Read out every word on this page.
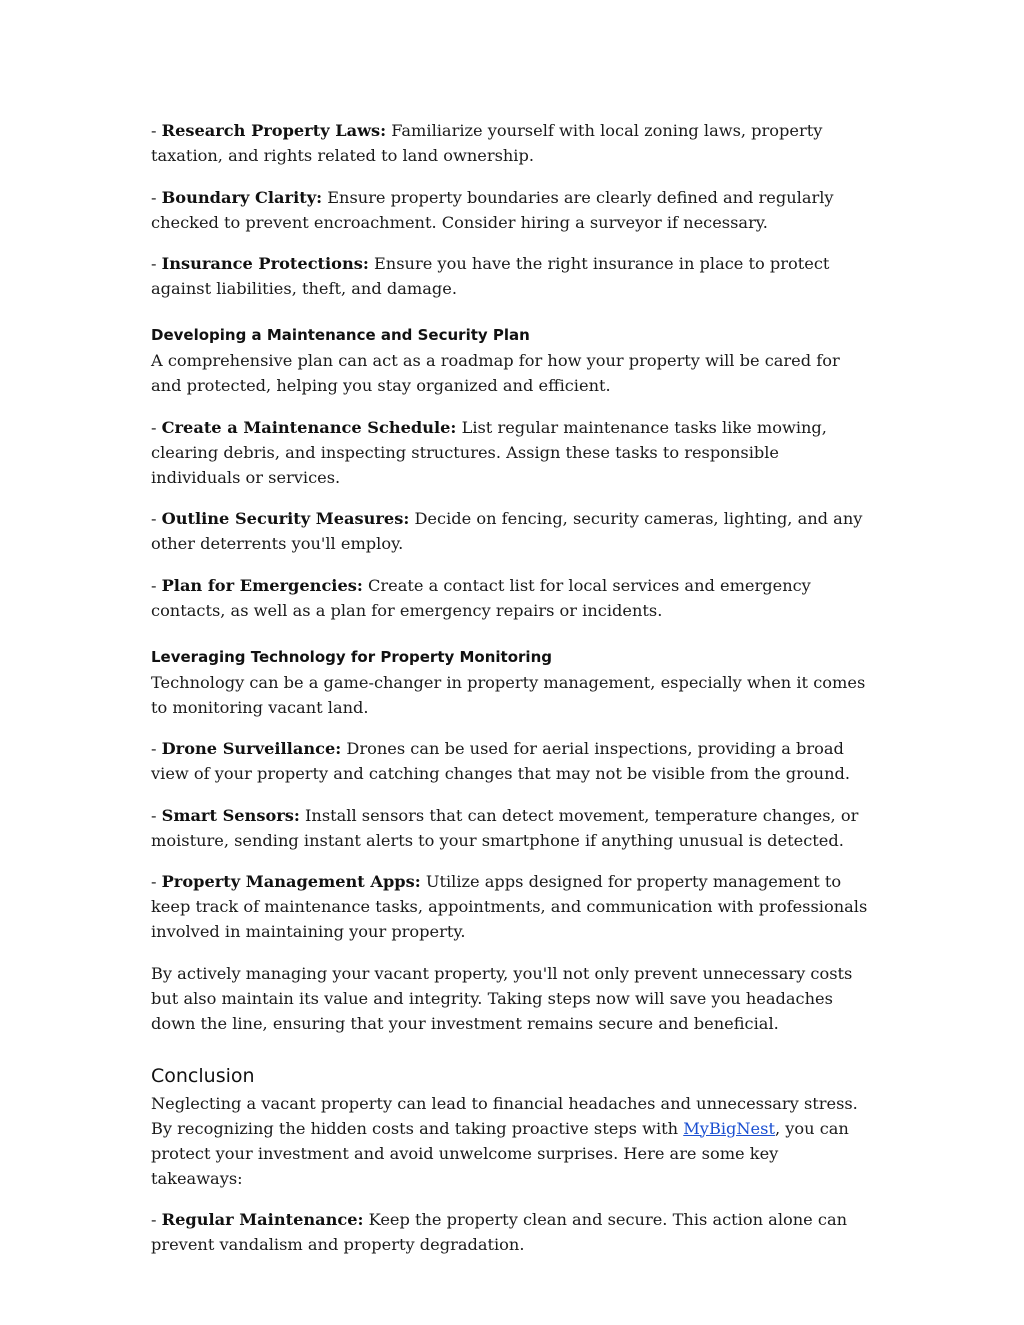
- Research Property Laws: Familiarize yourself with local zoning laws, property taxation, and rights related to land ownership.

- Boundary Clarity: Ensure property boundaries are clearly defined and regularly checked to prevent encroachment. Consider hiring a surveyor if necessary.

- Insurance Protections: Ensure you have the right insurance in place to protect against liabilities, theft, and damage.

Developing a Maintenance and Security Plan

A comprehensive plan can act as a roadmap for how your property will be cared for and protected, helping you stay organized and efficient.

- Create a Maintenance Schedule: List regular maintenance tasks like mowing, clearing debris, and inspecting structures. Assign these tasks to responsible individuals or services.

- Outline Security Measures: Decide on fencing, security cameras, lighting, and any other deterrents you'll employ.

- Plan for Emergencies: Create a contact list for local services and emergency contacts, as well as a plan for emergency repairs or incidents.

Leveraging Technology for Property Monitoring

Technology can be a game-changer in property management, especially when it comes to monitoring vacant land.

- Drone Surveillance: Drones can be used for aerial inspections, providing a broad view of your property and catching changes that may not be visible from the ground.

- Smart Sensors: Install sensors that can detect movement, temperature changes, or moisture, sending instant alerts to your smartphone if anything unusual is detected.

- Property Management Apps: Utilize apps designed for property management to keep track of maintenance tasks, appointments, and communication with professionals involved in maintaining your property.

By actively managing your vacant property, you'll not only prevent unnecessary costs but also maintain its value and integrity. Taking steps now will save you headaches down the line, ensuring that your investment remains secure and beneficial.

Conclusion

Neglecting a vacant property can lead to financial headaches and unnecessary stress. By recognizing the hidden costs and taking proactive steps with MyBigNest, you can protect your investment and avoid unwelcome surprises. Here are some key takeaways:

- Regular Maintenance: Keep the property clean and secure. This action alone can prevent vandalism and property degradation.
